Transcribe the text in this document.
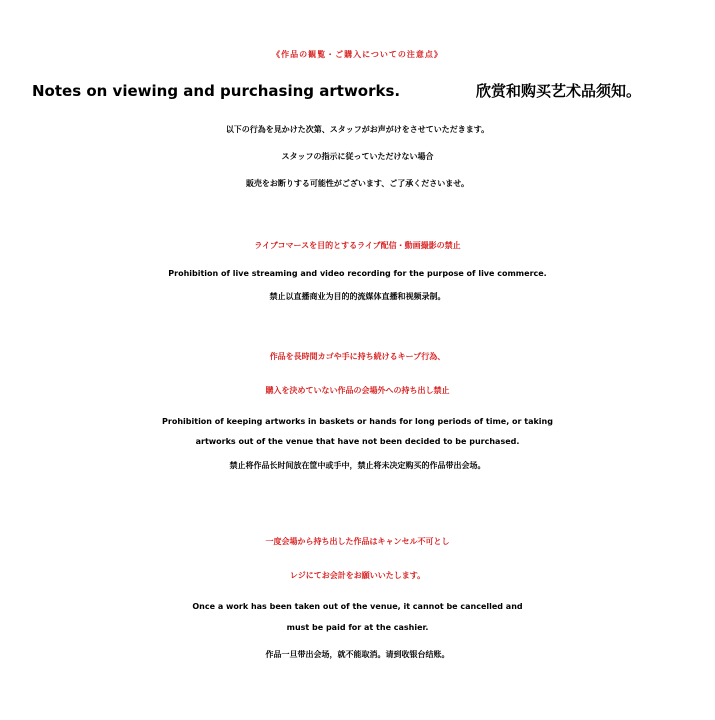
《作品の観覧・ご購入についての注意点》
Notes on viewing and purchasing artworks.	欣赏和购买艺术品须知。
以下の行為を見かけた次第、スタッフがお声がけをさせていただきます。
スタッフの指示に従っていただけない場合
販売をお断りする可能性がございます、ご了承くださいませ。
ライブコマースを目的とするライブ配信・動画撮影の禁止
Prohibition of live streaming and video recording for the purpose of live commerce.
禁止以直播商业为目的的流媒体直播和视频录制。
作品を長時間カゴや手に持ち続けるキープ行為、
購入を決めていない作品の会場外への持ち出し禁止
Prohibition of keeping artworks in baskets or hands for long periods of time, or taking
artworks out of the venue that have not been decided to be purchased.
禁止将作品长时间放在筐中或手中，禁止将未决定购买的作品带出会场。
一度会場から持ち出した作品はキャンセル不可とし
レジにてお会計をお願いいたします。
Once a work has been taken out of the venue, it cannot be cancelled and
must be paid for at the cashier.
作品一旦带出会场，就不能取消。请到收银台结账。
